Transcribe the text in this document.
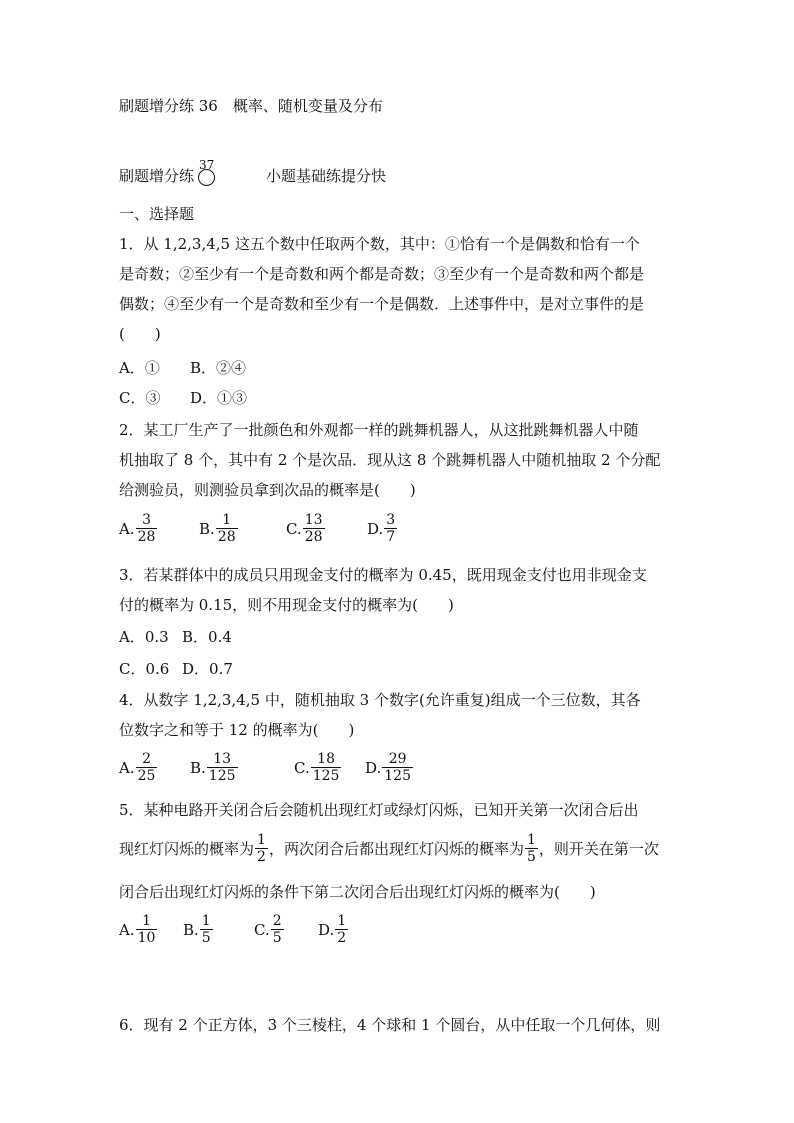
刷题增分练 36　概率、随机变量及分布
刷题增分练
37
小题基础练提分快
一、选择题
1．从 1,2,3,4,5 这五个数中任取两个数，其中：①恰有一个是偶数和恰有一个
是奇数；②至少有一个是奇数和两个都是奇数；③至少有一个是奇数和两个都是
偶数；④至少有一个是奇数和至少有一个是偶数．上述事件中，是对立事件的是
(　　)
A．① B．②④
C．③ D．①③
2．某工厂生产了一批颜色和外观都一样的跳舞机器人，从这批跳舞机器人中随
机抽取了 8 个，其中有 2 个是次品．现从这 8 个跳舞机器人中随机抽取 2 个分配
给测验员，则测验员拿到次品的概率是(　　)
A. $\frac{3}{28}$	B. $\frac{1}{28}$	C. $\frac{13}{28}$	D. $\frac{3}{7}$
3．若某群体中的成员只用现金支付的概率为 0.45，既用现金支付也用非现金支
付的概率为 0.15，则不用现金支付的概率为(　　)
A．0.3 B．0.4
C．0.6 D．0.7
4．从数字 1,2,3,4,5 中，随机抽取 3 个数字(允许重复)组成一个三位数，其各
位数字之和等于 12 的概率为(　　)
A. $\frac{2}{25} B$. $\frac{13}{125}$	C. $\frac{18}{125} D$. $\frac{29}{125}$
5．某种电路开关闭合后会随机出现红灯或绿灯闪烁，已知开关第一次闭合后出
现红灯闪烁的概率为 $\frac{1}{2}$ ，两次闭合后都出现红灯闪烁的概率为 $\frac{1}{5}$ ，则开关在第一次
闭合后出现红灯闪烁的条件下第二次闭合后出现红灯闪烁的概率为(　　)
A. $\frac{1}{10} B$. $\frac{1}{5}$	C. $\frac{2}{5} D$. $\frac{1}{2}$
6．现有 2 个正方体，3 个三棱柱，4 个球和 1 个圆台，从中任取一个几何体，则
